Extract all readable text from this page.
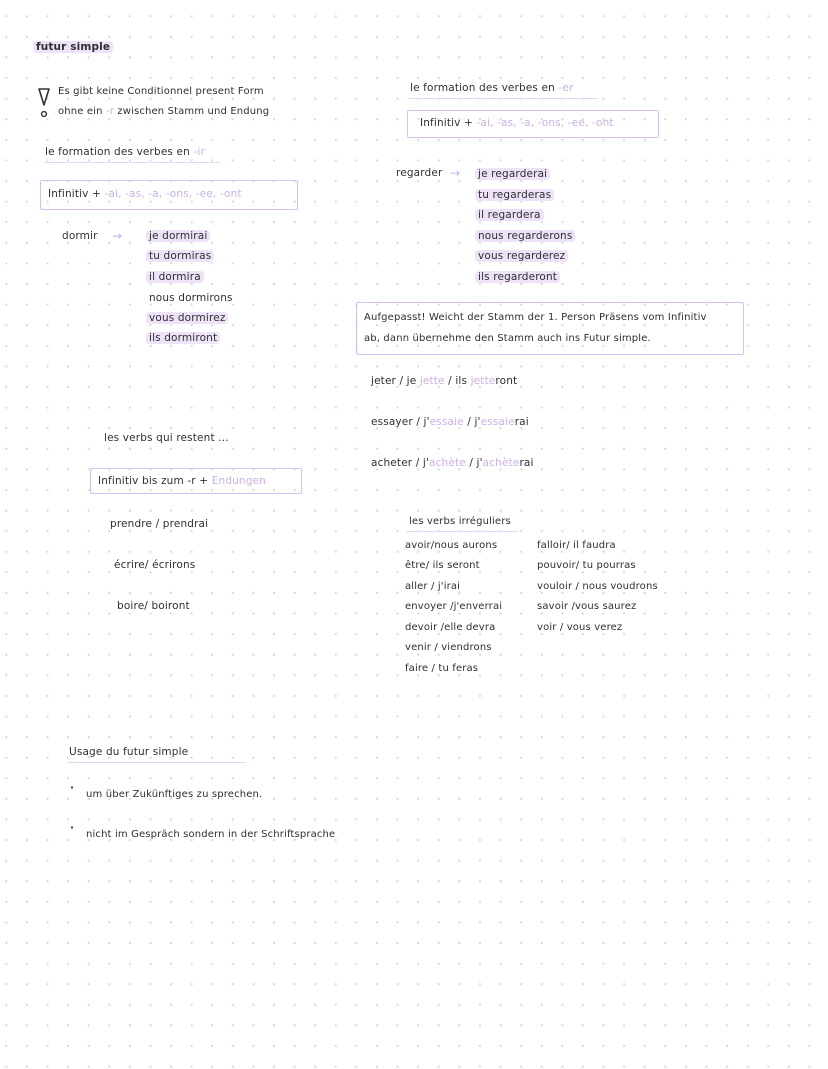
futur simple
Es gibt keine Conditionnel present Form
ohne ein -r zwischen Stamm und Endung
le formation des verbes en -ir
Infinitiv + -ai, -as, -a, -ons, -ee, -ont
dormir →	je dormirai
tu dormiras
il dormira
nous dormirons
vous dormirez
ils dormiront
le formation des verbes en -er
Infinitiv + -ai, -as, -a, -ons, -ee, -ont
regarder → je regarderai
tu regarderas
il regardera
nous regarderons
vous regarderez
ils regarderont
Aufgepasst! Weicht der Stamm der 1. Person Präsens vom Infinitiv
ab, dann übernehme den Stamm auch ins Futur simple.
jeter / je jette / ils jetteront
essayer / j'essaie / j'essaierai
acheter / j'achète / j'achèterai
les verbs qui restent ...
Infinitiv bis zum -r + Endungen
prendre / prendrai
écrire/ écrirons
boire/ boiront
les verbs irréguliers
avoir/nous aurons
être/ ils seront
aller / j'irai
envoyer /j'enverrai
devoir /elle devra
venir / viendrons
faire / tu feras
falloir/ il faudra
pouvoir/ tu pourras
vouloir / nous voudrons
savoir /vous saurez
voir / vous verez
Usage du futur simple
·
um über Zukünftiges zu sprechen.
·
nicht im Gespräch sondern in der Schriftsprache
